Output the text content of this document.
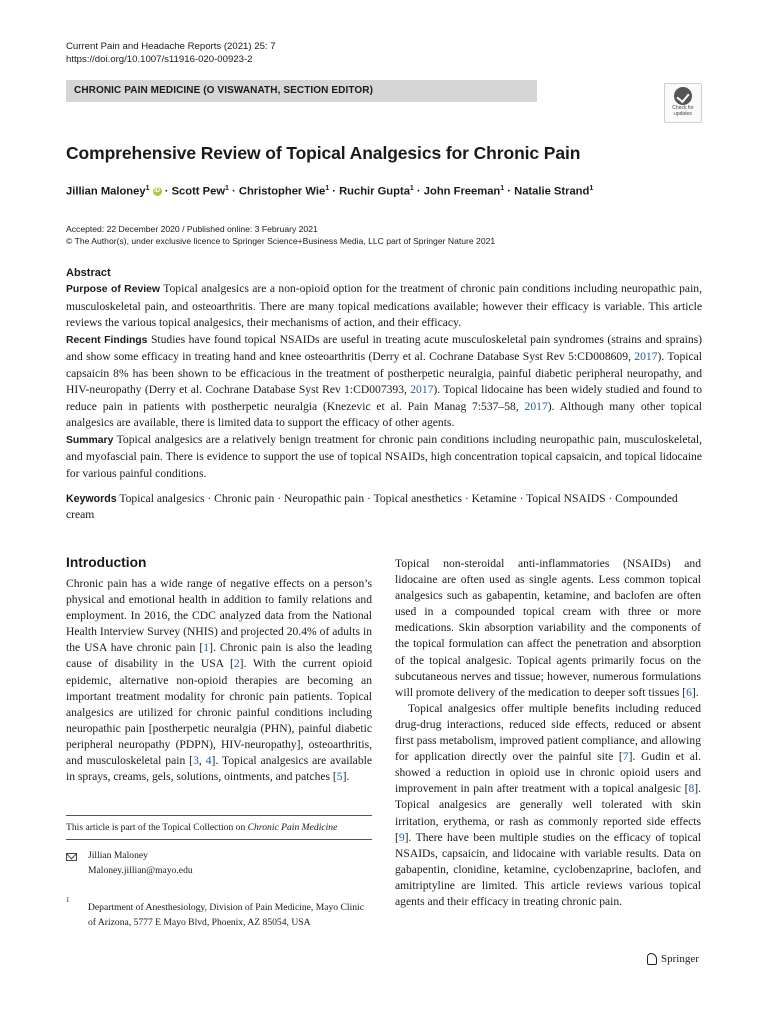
Current Pain and Headache Reports (2021) 25: 7
https://doi.org/10.1007/s11916-020-00923-2
CHRONIC PAIN MEDICINE (O VISWANATH, SECTION EDITOR)
Check for
updates
Comprehensive Review of Topical Analgesics for Chronic Pain
Jillian Maloney$^1$ iD · Scott Pew$^1$ · Christopher Wie$^1$ · Ruchir Gupta$^1$ · John Freeman$^1$ · Natalie Strand$^1$
Accepted: 22 December 2020 / Published online: 3 February 2021
© The Author(s), under exclusive licence to Springer Science+Business Media, LLC part of Springer Nature 2021
Abstract

Purpose of Review Topical analgesics are a non-opioid option for the treatment of chronic pain conditions including neuropathic pain, musculoskeletal pain, and osteoarthritis. There are many topical medications available; however their efficacy is variable. This article reviews the various topical analgesics, their mechanisms of action, and their efficacy.

Recent Findings Studies have found topical NSAIDs are useful in treating acute musculoskeletal pain syndromes (strains and sprains) and show some efficacy in treating hand and knee osteoarthritis (Derry et al. Cochrane Database Syst Rev 5:CD008609, 2017). Topical capsaicin 8% has been shown to be efficacious in the treatment of postherpetic neuralgia, painful diabetic peripheral neuropathy, and HIV-neuropathy (Derry et al. Cochrane Database Syst Rev 1:CD007393, 2017). Topical lidocaine has been widely studied and found to reduce pain in patients with postherpetic neuralgia (Knezevic et al. Pain Manag 7:537–58, 2017). Although many other topical analgesics are available, there is limited data to support the efficacy of other agents.

Summary Topical analgesics are a relatively benign treatment for chronic pain conditions including neuropathic pain, musculoskeletal, and myofascial pain. There is evidence to support the use of topical NSAIDs, high concentration topical capsaicin, and topical lidocaine for various painful conditions.

Keywords Topical analgesics · Chronic pain · Neuropathic pain · Topical anesthetics · Ketamine · Topical NSAIDS · Compounded cream
Introduction

Chronic pain has a wide range of negative effects on a person’s physical and emotional health in addition to family relations and employment. In 2016, the CDC analyzed data from the National Health Interview Survey (NHIS) and projected 20.4% of adults in the USA have chronic pain [1]. Chronic pain is also the leading cause of disability in the USA [2]. With the current opioid epidemic, alternative non-opioid therapies are becoming an important treatment modality for chronic pain patients. Topical analgesics are utilized for chronic painful conditions including neuropathic pain [postherpetic neuralgia (PHN), painful diabetic peripheral neuropathy (PDPN), HIV-neuropathy], osteoarthritis, and musculoskeletal pain [3, 4]. Topical analgesics are available in sprays, creams, gels, solutions, ointments, and patches [5].

This article is part of the Topical Collection on Chronic Pain Medicine
Jillian Maloney
Maloney.jillian@mayo.edu
1
Department of Anesthesiology, Division of Pain Medicine, Mayo Clinic of Arizona, 5777 E Mayo Blvd, Phoenix, AZ 85054, USA

Topical non-steroidal anti-inflammatories (NSAIDs) and lidocaine are often used as single agents. Less common topical analgesics such as gabapentin, ketamine, and baclofen are often used in a compounded topical cream with three or more medications. Skin absorption variability and the components of the topical formulation can affect the penetration and absorption of the topical analgesic. Topical agents primarily focus on the subcutaneous nerves and tissue; however, numerous formulations will promote delivery of the medication to deeper soft tissues [6].

Topical analgesics offer multiple benefits including reduced drug-drug interactions, reduced side effects, reduced or absent first pass metabolism, improved patient compliance, and allowing for application directly over the painful site [7]. Gudin et al. showed a reduction in opioid use in chronic opioid users and improvement in pain after treatment with a topical analgesic [8]. Topical analgesics are generally well tolerated with skin irritation, erythema, or rash as commonly reported side effects [9]. There have been multiple studies on the efficacy of topical NSAIDs, capsaicin, and lidocaine with variable results. Data on gabapentin, clonidine, ketamine, cyclobenzaprine, baclofen, and amitriptyline are limited. This article reviews various topical agents and their efficacy in treating chronic pain.

Springer
